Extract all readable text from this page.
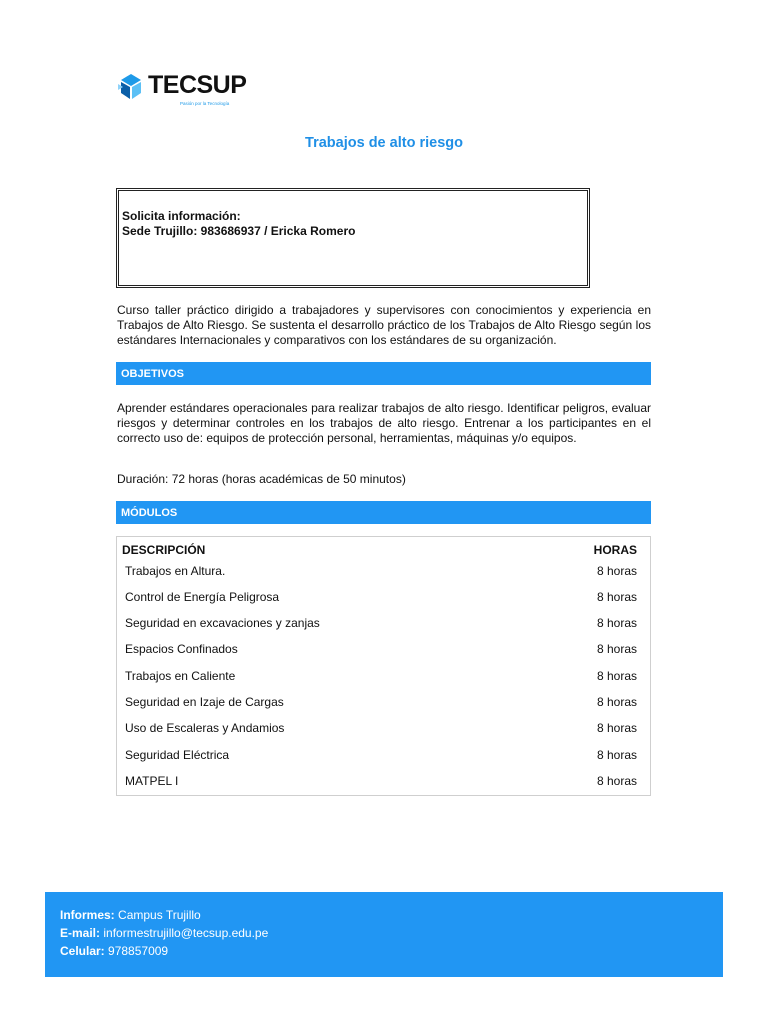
TECSUP
Pasión por la Tecnología
Trabajos de alto riesgo
Solicita información:
Sede Trujillo: 983686937 / Ericka Romero
Curso taller práctico dirigido a trabajadores y supervisores con conocimientos y experiencia en Trabajos de Alto Riesgo. Se sustenta el desarrollo práctico de los Trabajos de Alto Riesgo según los estándares Internacionales y comparativos con los estándares de su organización.
OBJETIVOS
Aprender estándares operacionales para realizar trabajos de alto riesgo. Identificar peligros, evaluar riesgos y determinar controles en los trabajos de alto riesgo. Entrenar a los participantes en el correcto uso de: equipos de protección personal, herramientas, máquinas y/o equipos.
Duración: 72 horas (horas académicas de 50 minutos)
MÓDULOS
DESCRIPCIÓN	HORAS
Trabajos en Altura.	8 horas
Control de Energía Peligrosa	8 horas
Seguridad en excavaciones y zanjas	8 horas
Espacios Confinados	8 horas
Trabajos en Caliente	8 horas
Seguridad en Izaje de Cargas	8 horas
Uso de Escaleras y Andamios	8 horas
Seguridad Eléctrica	8 horas
MATPEL I	8 horas
Informes: Campus Trujillo
E-mail: informestrujillo@tecsup.edu.pe
Celular: 978857009
